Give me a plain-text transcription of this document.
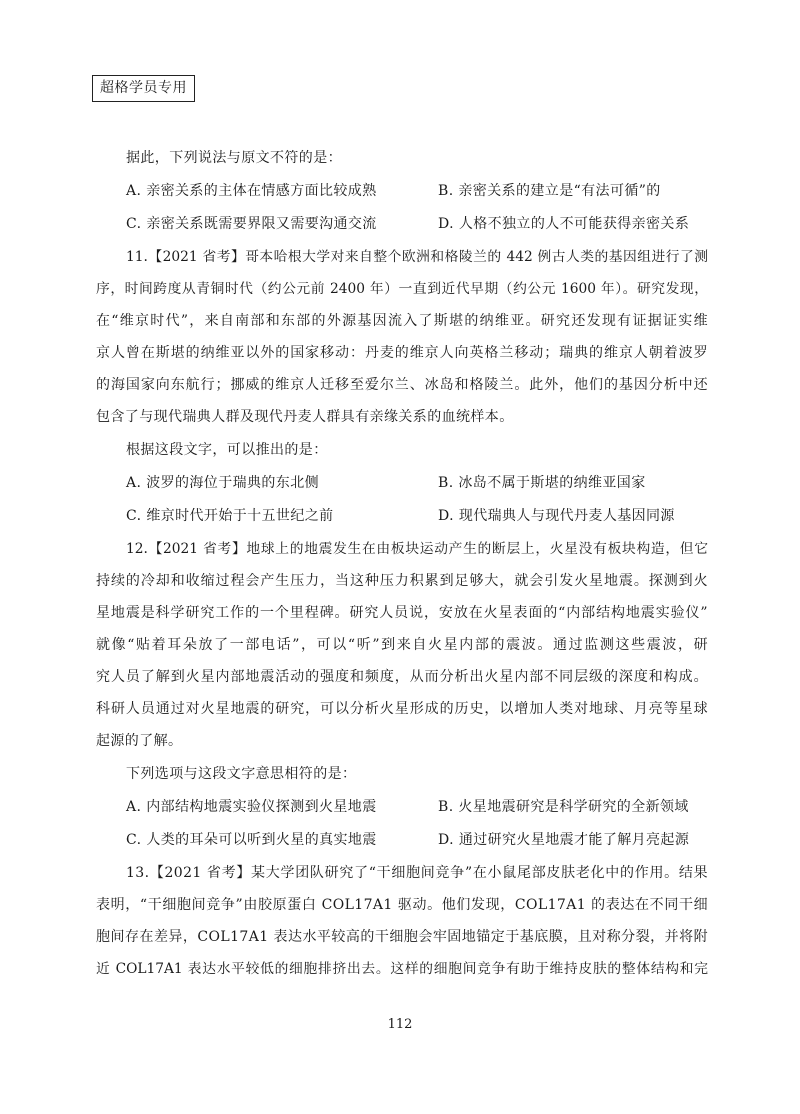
超格学员专用
据此，下列说法与原文不符的是：
A. 亲密关系的主体在情感方面比较成熟	B. 亲密关系的建立是“有法可循”的
C. 亲密关系既需要界限又需要沟通交流	D. 人格不独立的人不可能获得亲密关系
11.【2021 省考】哥本哈根大学对来自整个欧洲和格陵兰的 442 例古人类的基因组进行了测
序，时间跨度从青铜时代（约公元前 2400 年）一直到近代早期（约公元 1600 年）。研究发现，
在“维京时代”，来自南部和东部的外源基因流入了斯堪的纳维亚。研究还发现有证据证实维
京人曾在斯堪的纳维亚以外的国家移动：丹麦的维京人向英格兰移动；瑞典的维京人朝着波罗
的海国家向东航行；挪威的维京人迁移至爱尔兰、冰岛和格陵兰。此外，他们的基因分析中还
包含了与现代瑞典人群及现代丹麦人群具有亲缘关系的血统样本。
根据这段文字，可以推出的是：
A. 波罗的海位于瑞典的东北侧	B. 冰岛不属于斯堪的纳维亚国家
C. 维京时代开始于十五世纪之前	D. 现代瑞典人与现代丹麦人基因同源
12.【2021 省考】地球上的地震发生在由板块运动产生的断层上，火星没有板块构造，但它
持续的冷却和收缩过程会产生压力，当这种压力积累到足够大，就会引发火星地震。探测到火
星地震是科学研究工作的一个里程碑。研究人员说，安放在火星表面的“内部结构地震实验仪”
就像“贴着耳朵放了一部电话”，可以“听”到来自火星内部的震波。通过监测这些震波，研
究人员了解到火星内部地震活动的强度和频度，从而分析出火星内部不同层级的深度和构成。
科研人员通过对火星地震的研究，可以分析火星形成的历史，以增加人类对地球、月亮等星球
起源的了解。
下列选项与这段文字意思相符的是：
A. 内部结构地震实验仪探测到火星地震	B. 火星地震研究是科学研究的全新领域
C. 人类的耳朵可以听到火星的真实地震	D. 通过研究火星地震才能了解月亮起源
13.【2021 省考】某大学团队研究了“干细胞间竞争”在小鼠尾部皮肤老化中的作用。结果
表明，“干细胞间竞争”由胶原蛋白 COL17A1 驱动。他们发现，COL17A1 的表达在不同干细
胞间存在差异，COL17A1 表达水平较高的干细胞会牢固地锚定于基底膜，且对称分裂，并将附
近 COL17A1 表达水平较低的细胞排挤出去。这样的细胞间竞争有助于维持皮肤的整体结构和完
112
